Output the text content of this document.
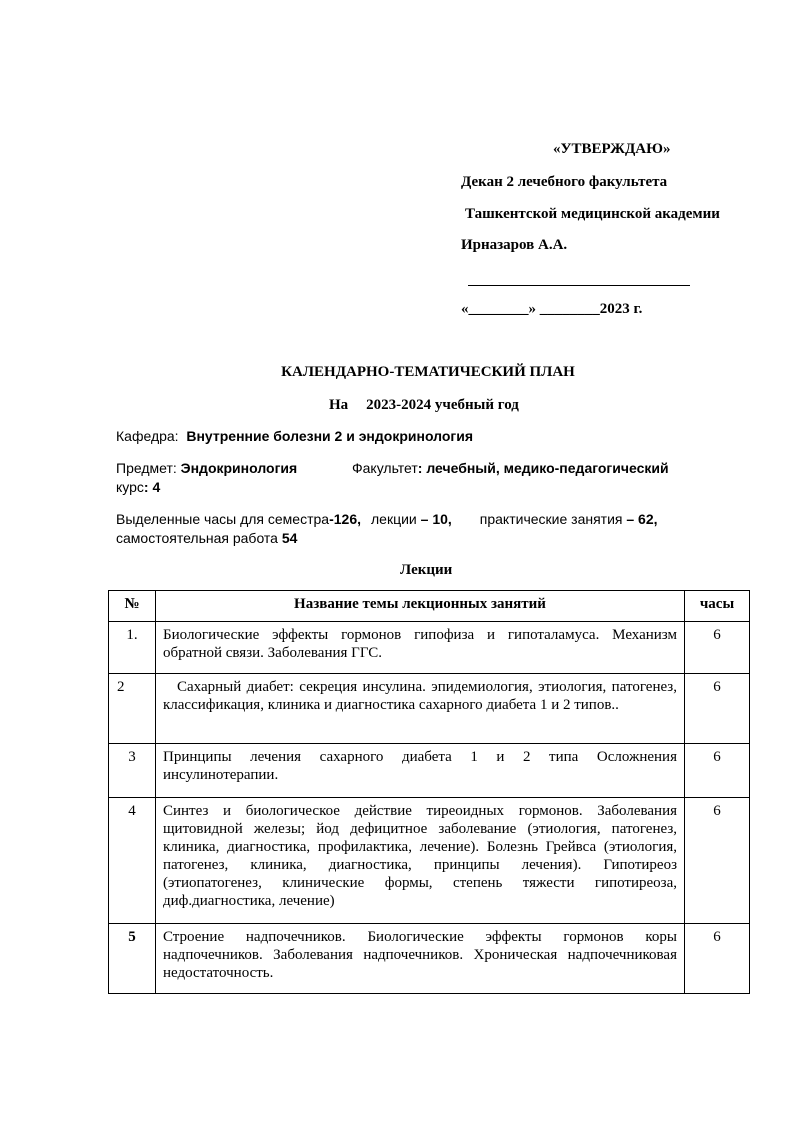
«УТВЕРЖДАЮ»
Декан 2 лечебного факультета
Ташкентской медицинской академии
Ирназаров А.А.
«________» ________2023 г.
КАЛЕНДАРНО-ТЕМАТИЧЕСКИЙ ПЛАН
На 2023-2024 учебный год
Кафедра: Внутренние болезни 2 и эндокринология
Предмет: Эндокринология	Факультет: лечебный, медико-педагогический
курс: 4
Выделенные часы для семестра-126, лекции – 10, практические занятия – 62,
самостоятельная работа 54
Лекции
№	Название темы лекционных занятий	часы
1.	Биологические эффекты гормонов гипофиза и гипоталамуса. Механизм обратной связи. Заболевания ГГС.	6
2	Сахарный диабет: секреция инсулина. эпидемиология, этиология, патогенез, классификация, клиника и диагностика сахарного диабета 1 и 2 типов..	6
3	Принципы лечения сахарного диабета 1 и 2 типа Осложнения инсулинотерапии.	6
4	Синтез и биологическое действие тиреоидных гормонов. Заболевания щитовидной железы; йод дефицитное заболевание (этиология, патогенез, клиника, диагностика, профилактика, лечение). Болезнь Грейвса (этиология, патогенез, клиника, диагностика, принципы лечения). Гипотиреоз (этиопатогенез, клинические формы, степень тяжести гипотиреоза, диф.диагностика, лечение)	6
5	Строение надпочечников. Биологические эффекты гормонов коры надпочечников. Заболевания надпочечников. Хроническая надпочечниковая недостаточность.	6
